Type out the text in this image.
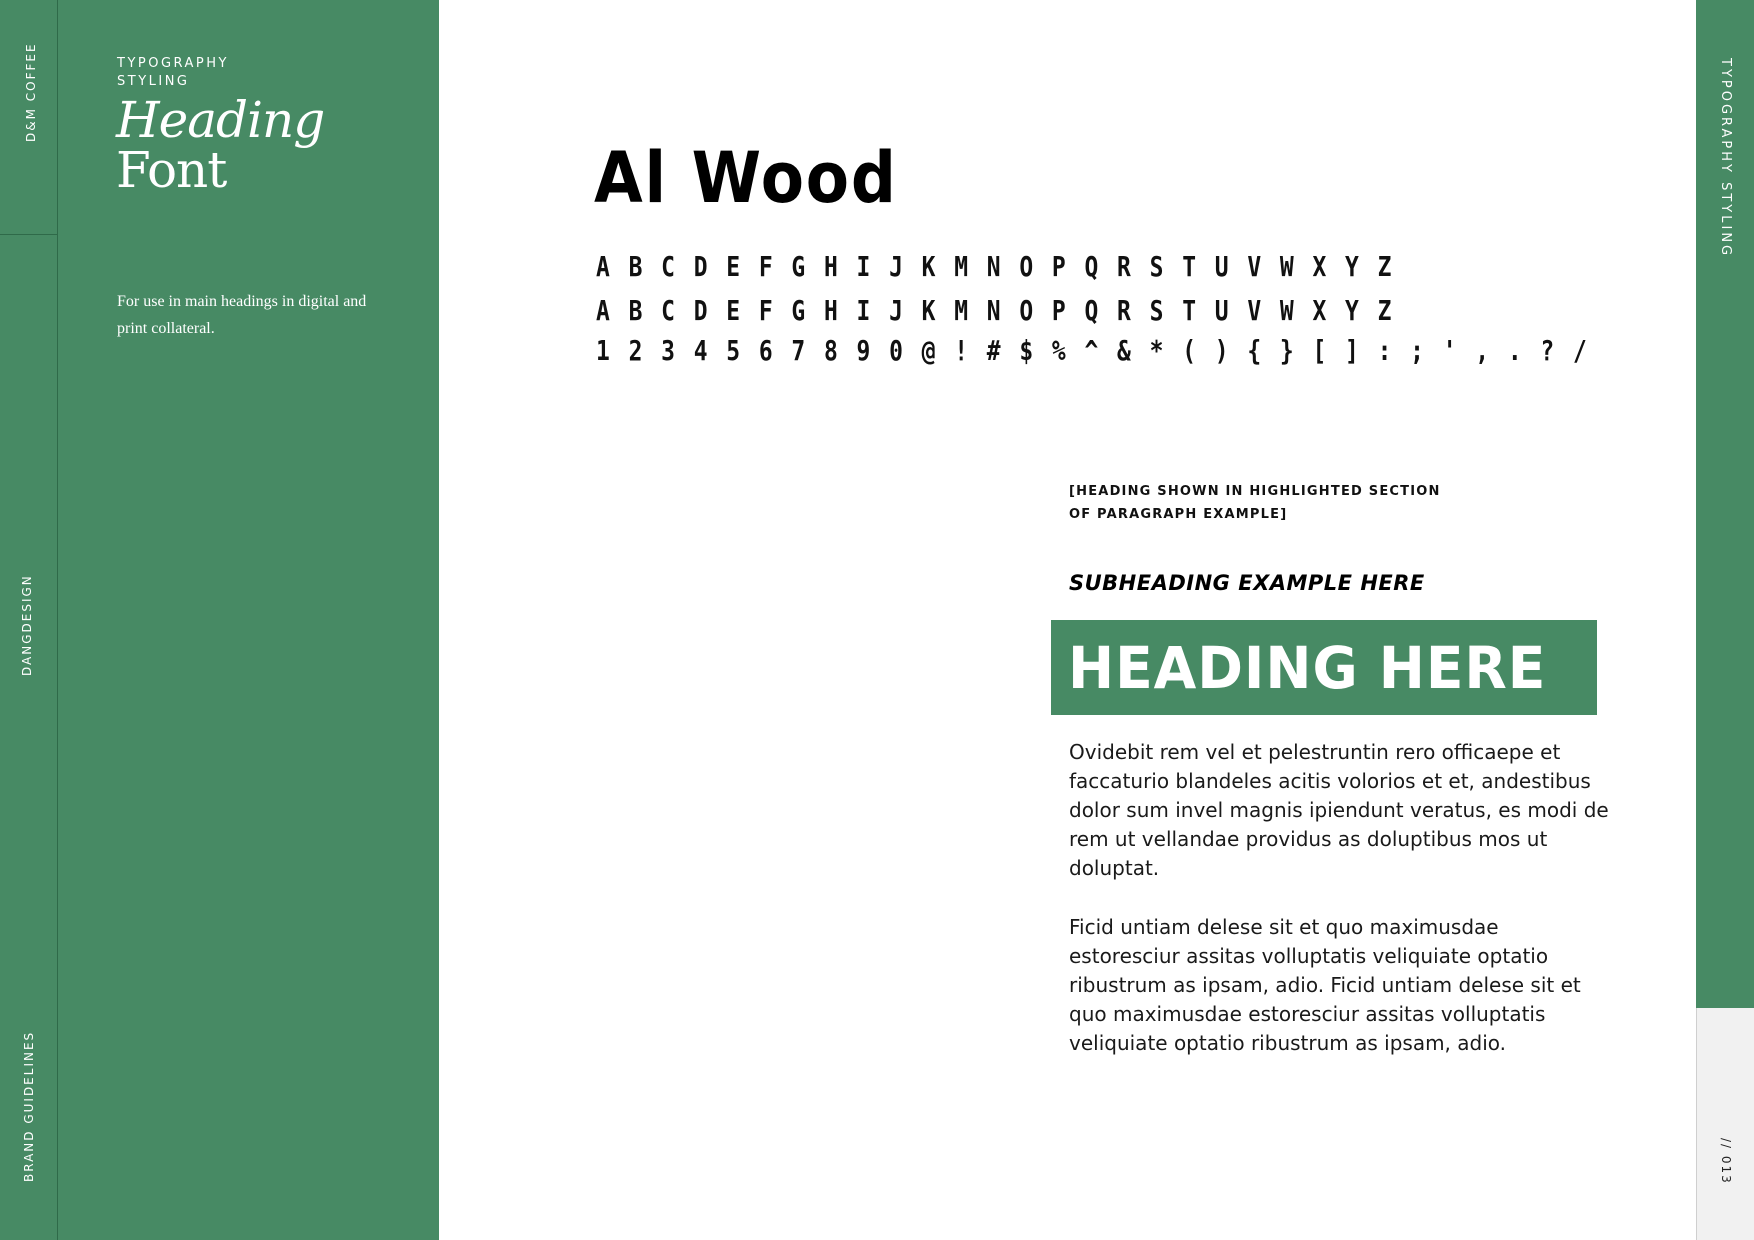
D&M COFFEE
DANGDESIGN
BRAND GUIDELINES
TYPOGRAPHY
STYLING
Heading
Font
For use in main headings in digital and print collateral.
Al Wood
A B C D E F G H I J K M N O P Q R S T U V W X Y Z
A B C D E F G H I J K M N O P Q R S T U V W X Y Z
1 2 3 4 5 6 7 8 9 0 @ ! # $ % ^ & * ( ) { } [ ] : ; ' , . ? /
[HEADING SHOWN IN HIGHLIGHTED SECTION
OF PARAGRAPH EXAMPLE]
SUBHEADING EXAMPLE HERE
HEADING HERE
Ovidebit rem vel et pelestruntin rero officaepe et faccaturio blandeles acitis volorios et et, andestibus dolor sum invel magnis ipiendunt veratus, es modi de rem ut vellandae providus as doluptibus mos ut doluptat.
Ficid untiam delese sit et quo maximusdae estoresciur assitas volluptatis veliquiate optatio ribustrum as ipsam, adio. Ficid untiam delese sit et quo maximusdae estoresciur assitas volluptatis veliquiate optatio ribustrum as ipsam, adio.
TYPOGRAPHY STYLING
// 013
